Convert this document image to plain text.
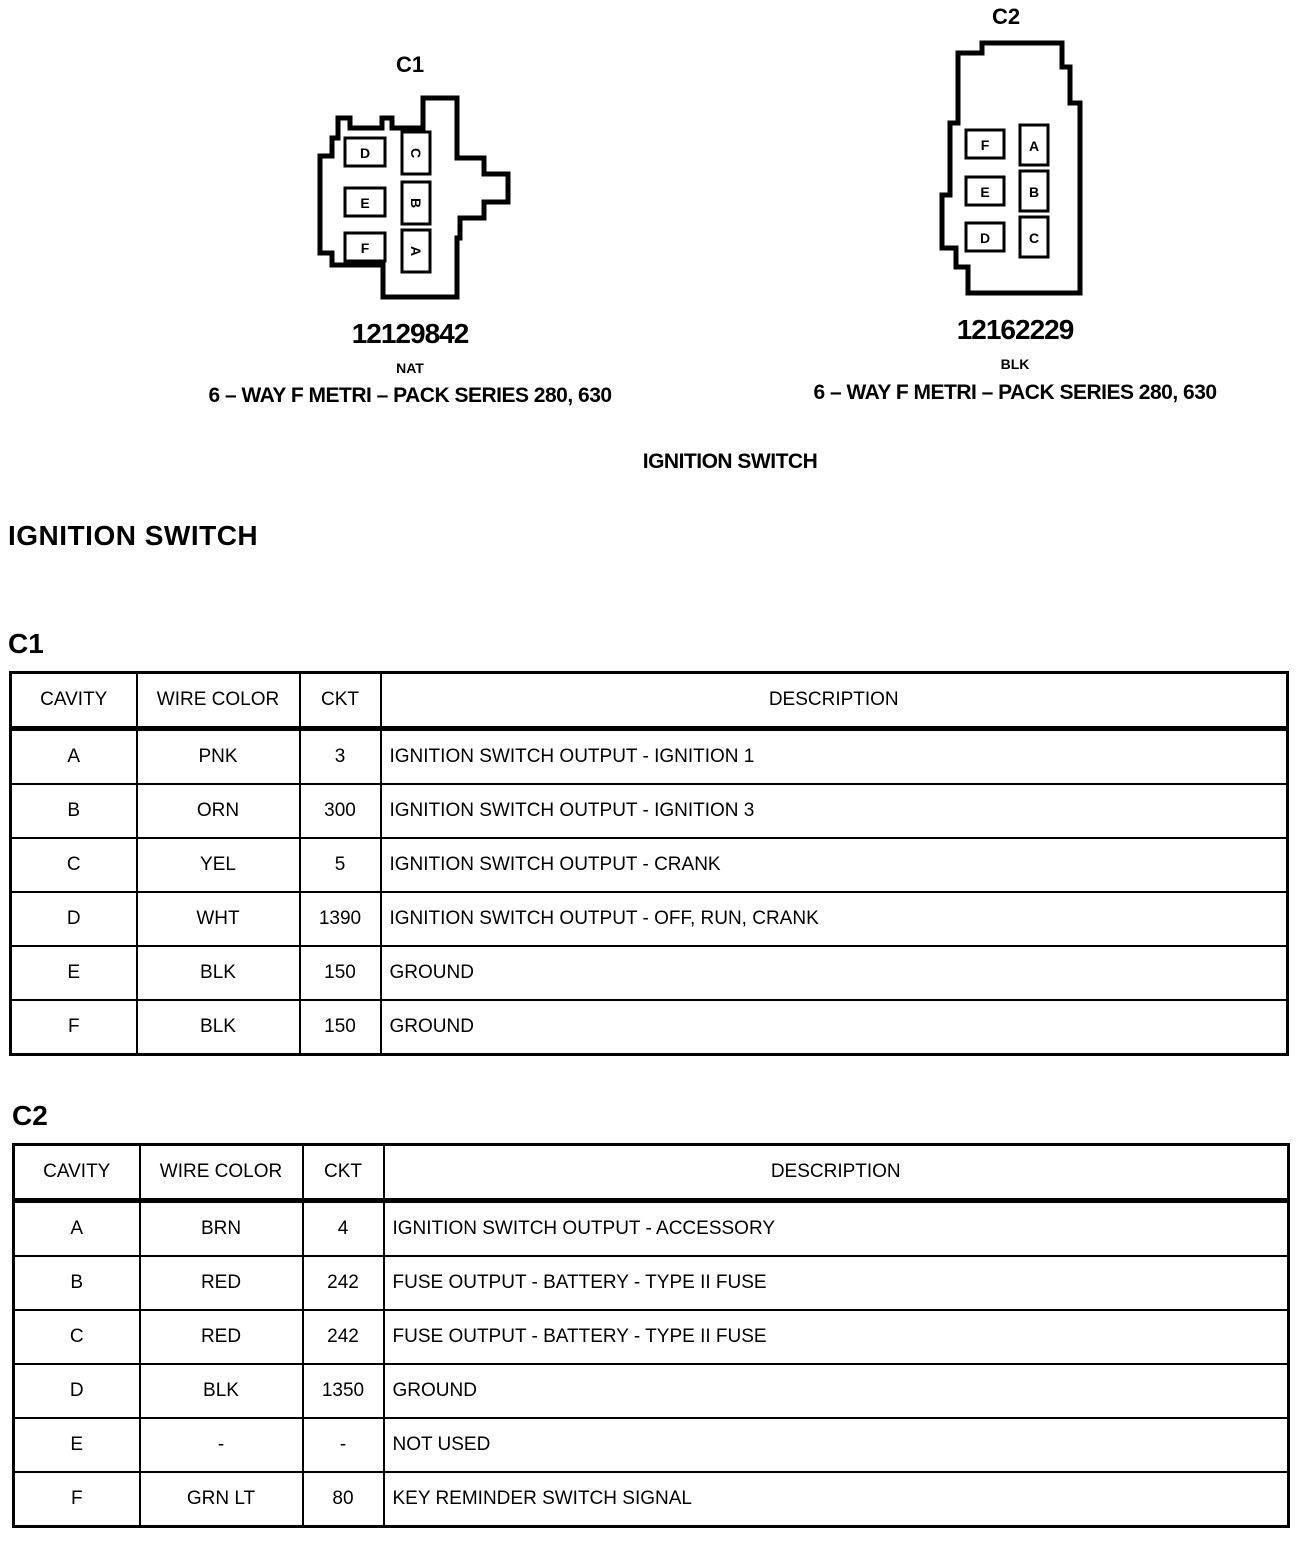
C1
D	C
E	B
F	A
12129842
NAT
6 – WAY F METRI – PACK SERIES 280, 630
C2
F	A
E	B
D	C
12162229
BLK
6 – WAY F METRI – PACK SERIES 280, 630
IGNITION SWITCH
IGNITION SWITCH
C1
CAVITY	WIRE COLOR	CKT	DESCRIPTION
A	PNK	3	IGNITION SWITCH OUTPUT - IGNITION 1
B	ORN	300	IGNITION SWITCH OUTPUT - IGNITION 3
C	YEL	5	IGNITION SWITCH OUTPUT - CRANK
D	WHT	1390	IGNITION SWITCH OUTPUT - OFF, RUN, CRANK
E	BLK	150	GROUND
F	BLK	150	GROUND
C2
CAVITY	WIRE COLOR	CKT	DESCRIPTION
A	BRN	4	IGNITION SWITCH OUTPUT - ACCESSORY
B	RED	242	FUSE OUTPUT - BATTERY - TYPE II FUSE
C	RED	242	FUSE OUTPUT - BATTERY - TYPE II FUSE
D	BLK	1350	GROUND
E	-	-	NOT USED
F	GRN LT	80	KEY REMINDER SWITCH SIGNAL
